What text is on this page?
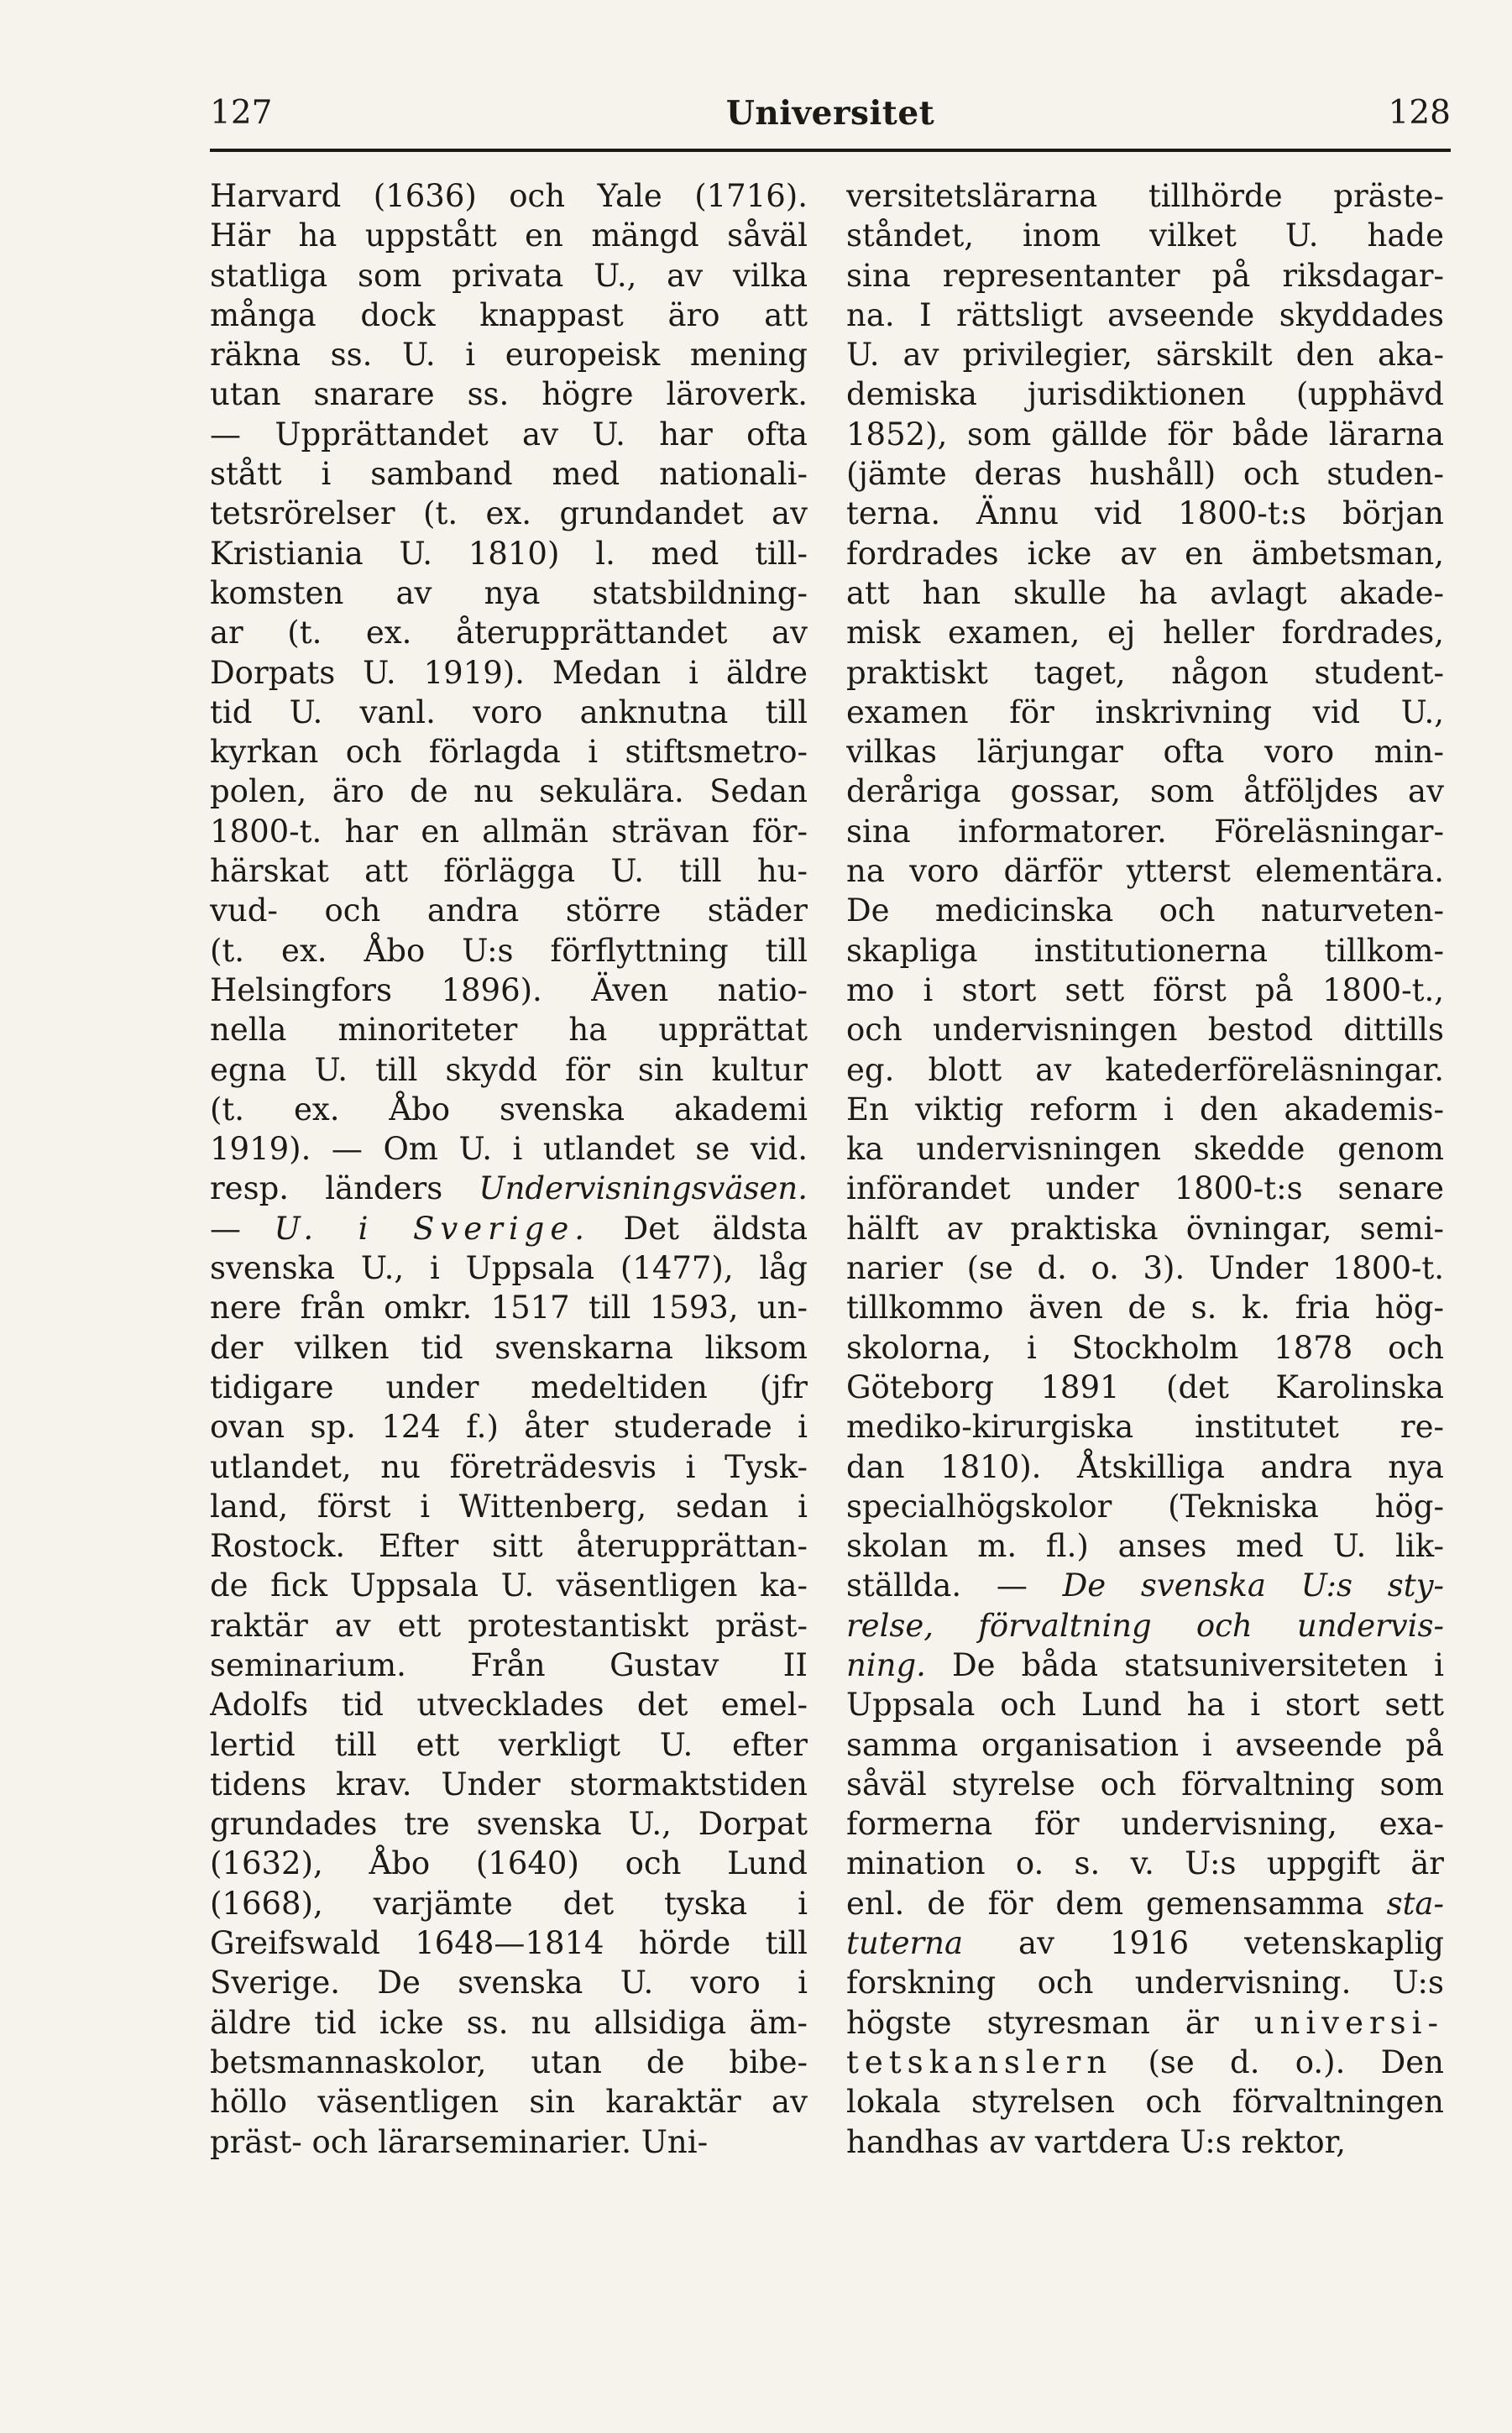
127	Universitet	128
Harvard (1636) och Yale (1716).
Här ha uppstått en mängd såväl
statliga som privata U., av vilka
många dock knappast äro att
räkna ss. U. i europeisk mening
utan snarare ss. högre läroverk.
— Upprättandet av U. har ofta
stått i samband med nationali-
tetsrörelser (t. ex. grundandet av
Kristiania U. 1810) l. med till-
komsten av nya statsbildning-
ar (t. ex. återupprättandet av
Dorpats U. 1919). Medan i äldre
tid U. vanl. voro anknutna till
kyrkan och förlagda i stiftsmetro-
polen, äro de nu sekulära. Sedan
1800-t. har en allmän strävan för-
härskat att förlägga U. till hu-
vud- och andra större städer
(t. ex. Åbo U:s förflyttning till
Helsingfors 1896). Även natio-
nella minoriteter ha upprättat
egna U. till skydd för sin kultur
(t. ex. Åbo svenska akademi
1919). — Om U. i utlandet se vid.
resp. länders Undervisningsväsen.
— U. i Sverige. Det äldsta
svenska U., i Uppsala (1477), låg
nere från omkr. 1517 till 1593, un-
der vilken tid svenskarna liksom
tidigare under medeltiden (jfr
ovan sp. 124 f.) åter studerade i
utlandet, nu företrädesvis i Tysk-
land, först i Wittenberg, sedan i
Rostock. Efter sitt återupprättan-
de fick Uppsala U. väsentligen ka-
raktär av ett protestantiskt präst-
seminarium. Från Gustav II
Adolfs tid utvecklades det emel-
lertid till ett verkligt U. efter
tidens krav. Under stormaktstiden
grundades tre svenska U., Dorpat
(1632), Åbo (1640) och Lund
(1668), varjämte det tyska i
Greifswald 1648—1814 hörde till
Sverige. De svenska U. voro i
äldre tid icke ss. nu allsidiga äm-
betsmannaskolor, utan de bibe-
höllo väsentligen sin karaktär av
präst- och lärarseminarier. Uni-
versitetslärarna tillhörde präste-
ståndet, inom vilket U. hade
sina representanter på riksdagar-
na. I rättsligt avseende skyddades
U. av privilegier, särskilt den aka-
demiska jurisdiktionen (upphävd
1852), som gällde för både lärarna
(jämte deras hushåll) och studen-
terna. Ännu vid 1800-t:s början
fordrades icke av en ämbetsman,
att han skulle ha avlagt akade-
misk examen, ej heller fordrades,
praktiskt taget, någon student-
examen för inskrivning vid U.,
vilkas lärjungar ofta voro min-
deråriga gossar, som åtföljdes av
sina informatorer. Föreläsningar-
na voro därför ytterst elementära.
De medicinska och naturveten-
skapliga institutionerna tillkom-
mo i stort sett först på 1800-t.,
och undervisningen bestod dittills
eg. blott av katederföreläsningar.
En viktig reform i den akademis-
ka undervisningen skedde genom
införandet under 1800-t:s senare
hälft av praktiska övningar, semi-
narier (se d. o. 3). Under 1800-t.
tillkommo även de s. k. fria hög-
skolorna, i Stockholm 1878 och
Göteborg 1891 (det Karolinska
mediko-kirurgiska institutet re-
dan 1810). Åtskilliga andra nya
specialhögskolor (Tekniska hög-
skolan m. fl.) anses med U. lik-
ställda. — De svenska U:s sty-
relse, förvaltning och undervis-
ning. De båda statsuniversiteten i
Uppsala och Lund ha i stort sett
samma organisation i avseende på
såväl styrelse och förvaltning som
formerna för undervisning, exa-
mination o. s. v. U:s uppgift är
enl. de för dem gemensamma sta-
tuterna av 1916 vetenskaplig
forskning och undervisning. U:s
högste styresman är universi-
tetskanslern (se d. o.). Den
lokala styrelsen och förvaltningen
handhas av vartdera U:s rektor,
